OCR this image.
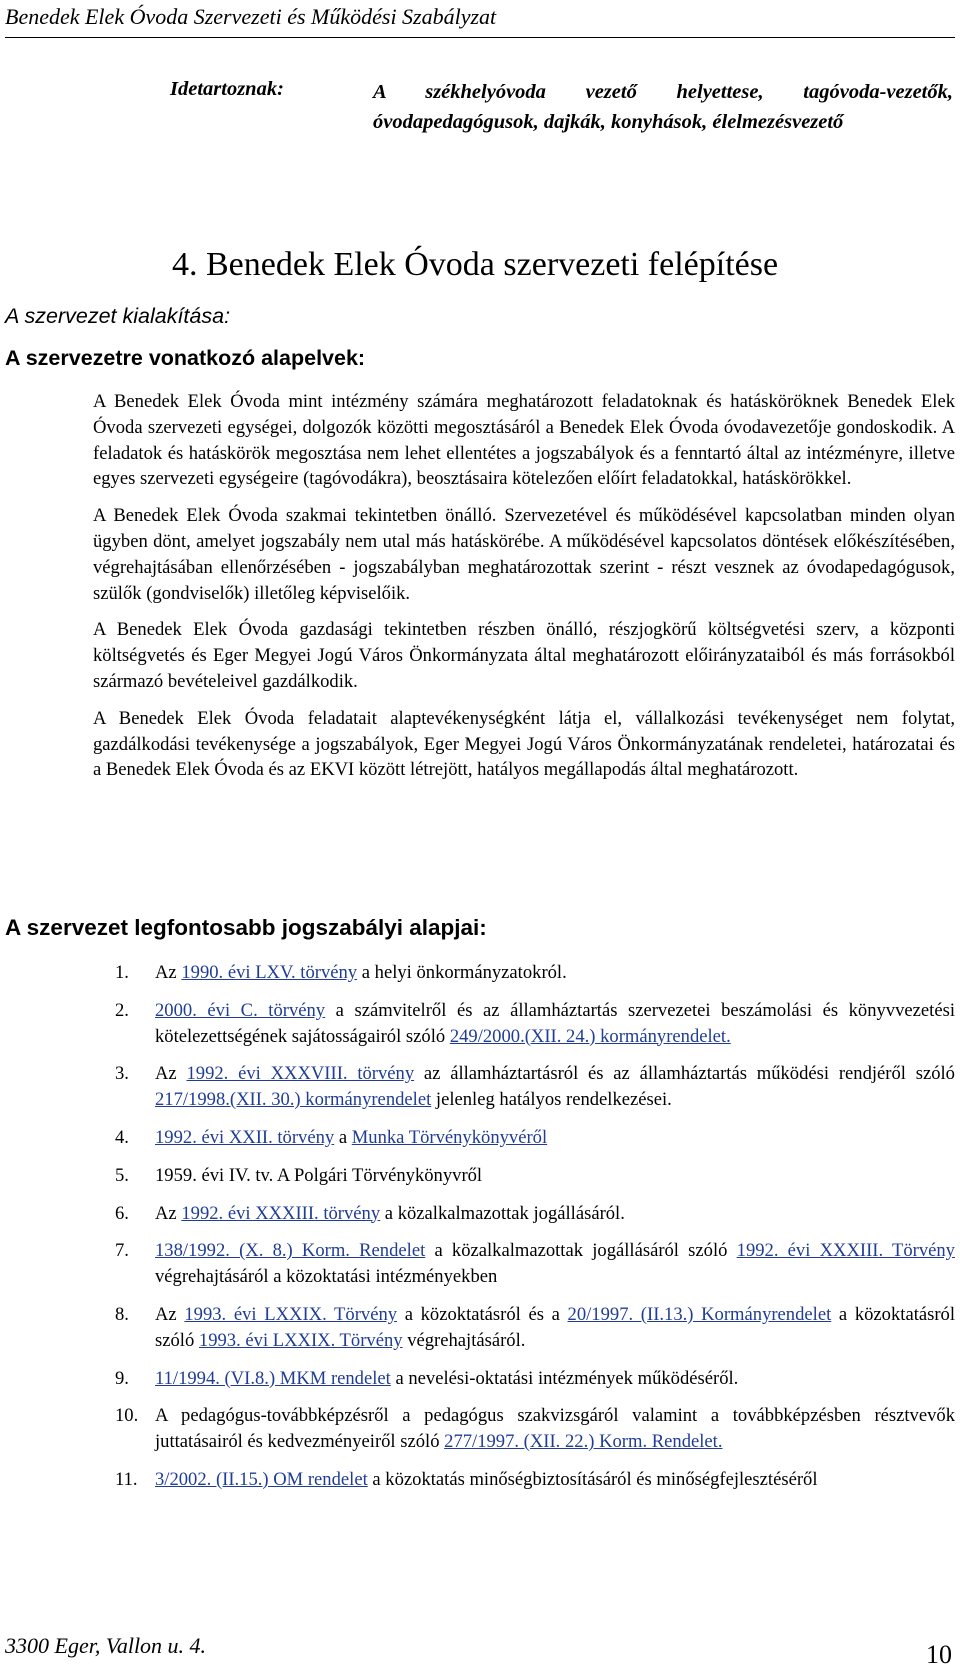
Benedek Elek Óvoda Szervezeti és Működési Szabályzat
Idetartoznak:	A székhelyóvoda vezető helyettese, tagóvoda-vezetők, óvodapedagógusok, dajkák, konyhások, élelmezésvezető
4. Benedek Elek Óvoda szervezeti felépítése
A szervezet kialakítása:
A szervezetre vonatkozó alapelvek:

A Benedek Elek Óvoda mint intézmény számára meghatározott feladatoknak és hatásköröknek Benedek Elek Óvoda szervezeti egységei, dolgozók közötti megosztásáról a Benedek Elek Óvoda óvodavezetője gondoskodik. A feladatok és hatáskörök megosztása nem lehet ellentétes a jogszabályok és a fenntartó által az intézményre, illetve egyes szervezeti egységeire (tagóvodákra), beosztásaira kötelezően előírt feladatokkal, hatáskörökkel.

A Benedek Elek Óvoda szakmai tekintetben önálló. Szervezetével és működésével kapcsolatban minden olyan ügyben dönt, amelyet jogszabály nem utal más hatáskörébe. A működésével kapcsolatos döntések előkészítésében, végrehajtásában ellenőrzésében - jogszabályban meghatározottak szerint - részt vesznek az óvodapedagógusok, szülők (gondviselők) illetőleg képviselőik.

A Benedek Elek Óvoda gazdasági tekintetben részben önálló, részjogkörű költségvetési szerv, a központi költségvetés és Eger Megyei Jogú Város Önkormányzata által meghatározott előirányzataiból és más forrásokból származó bevételeivel gazdálkodik.

A Benedek Elek Óvoda feladatait alaptevékenységként látja el, vállalkozási tevékenységet nem folytat, gazdálkodási tevékenysége a jogszabályok, Eger Megyei Jogú Város Önkormányzatának rendeletei, határozatai és a Benedek Elek Óvoda és az EKVI között létrejött, hatályos megállapodás által meghatározott.

A szervezet legfontosabb jogszabályi alapjai:
1.	Az 1990. évi LXV. törvény a helyi önkormányzatokról.
2.	2000. évi C. törvény a számvitelről és az államháztartás szervezetei beszámolási és könyvvezetési kötelezettségének sajátosságairól szóló 249/2000.(XII. 24.) kormányrendelet.
3.	Az 1992. évi XXXVIII. törvény az államháztartásról és az államháztartás működési rendjéről szóló 217/1998.(XII. 30.) kormányrendelet jelenleg hatályos rendelkezései.
4.	1992. évi XXII. törvény a Munka Törvénykönyvéről
5.	1959. évi IV. tv. A Polgári Törvénykönyvről
6.	Az 1992. évi XXXIII. törvény a közalkalmazottak jogállásáról.
7.	138/1992. (X. 8.) Korm. Rendelet a közalkalmazottak jogállásáról szóló 1992. évi XXXIII. Törvény végrehajtásáról a közoktatási intézményekben
8.	Az 1993. évi LXXIX. Törvény a közoktatásról és a 20/1997. (II.13.) Kormányrendelet a közoktatásról szóló 1993. évi LXXIX. Törvény végrehajtásáról.
9.	11/1994. (VI.8.) MKM rendelet a nevelési-oktatási intézmények működéséről.
10. A pedagógus-továbbképzésről a pedagógus szakvizsgáról valamint a továbbképzésben résztvevők juttatásairól és kedvezményeiről szóló 277/1997. (XII. 22.) Korm. Rendelet.
11. 3/2002. (II.15.) OM rendelet a közoktatás minőségbiztosításáról és minőségfejlesztéséről
3300 Eger, Vallon u. 4.	10
